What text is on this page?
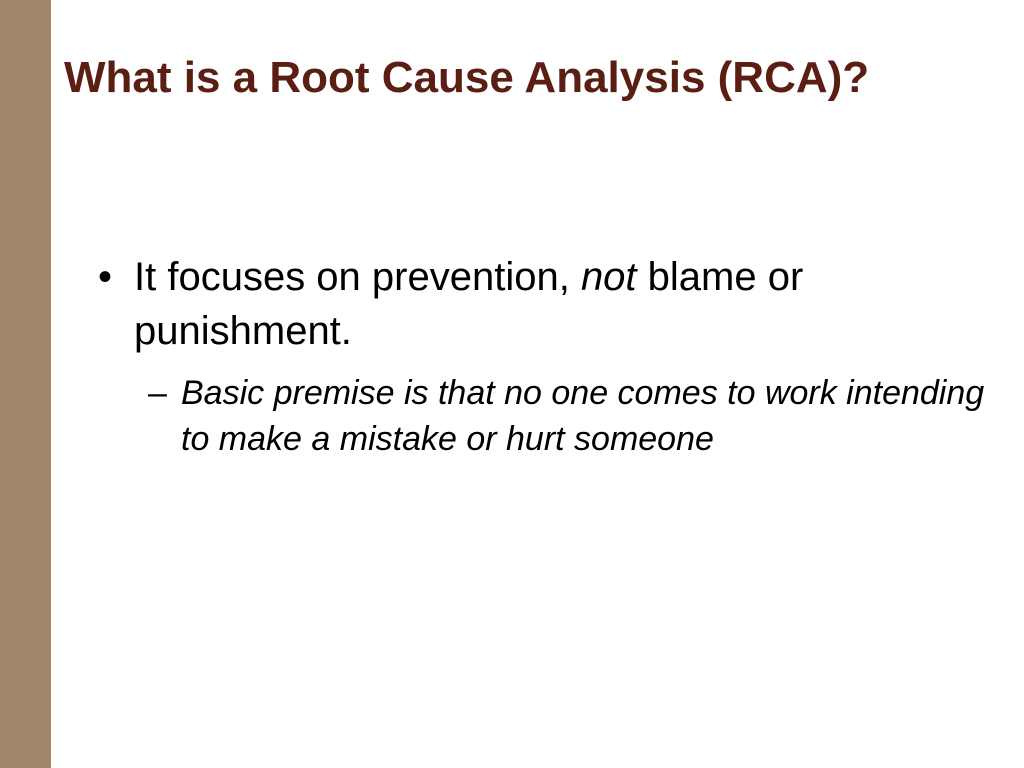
What is a Root Cause Analysis (RCA)?

• It focuses on prevention, not blame or punishment.

– Basic premise is that no one comes to work intending to make a mistake or hurt someone
